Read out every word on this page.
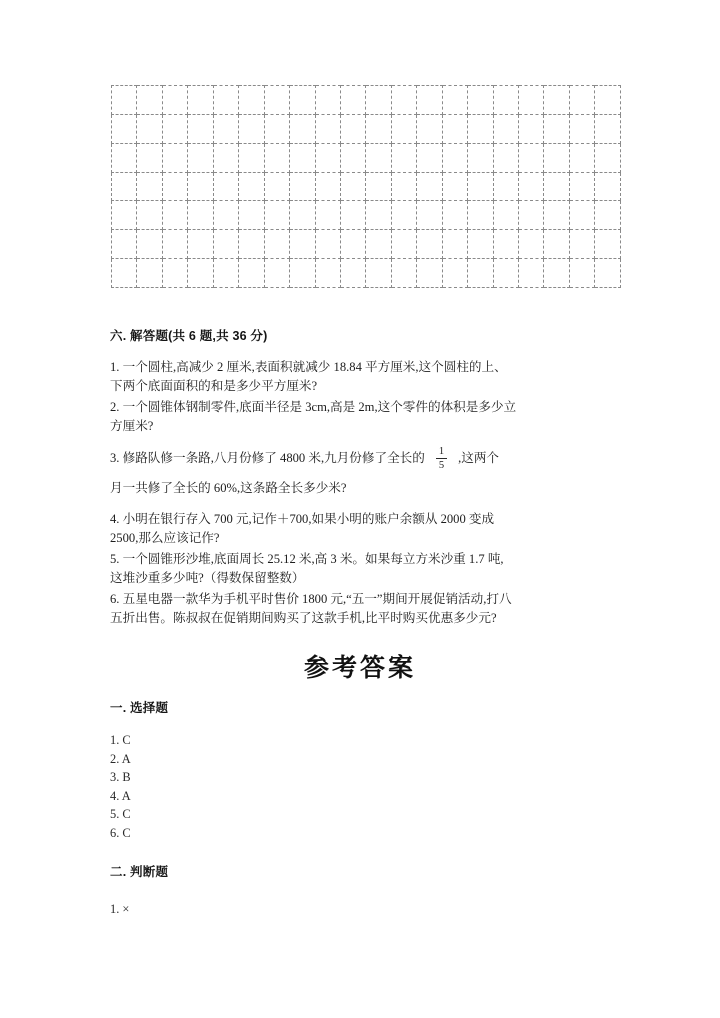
六. 解答题(共 6 题,共 36 分)

1. 一个圆柱,高减少 2 厘米,表面积就减少 18.84 平方厘米,这个圆柱的上、
下两个底面面积的和是多少平方厘米?

2. 一个圆锥体钢制零件,底面半径是 3cm,高是 2m,这个零件的体积是多少立
方厘米?

3. 修路队修一条路,八月份修了 4800 米,九月份修了全长的 $\frac{1}{5}$ ,这两个
月一共修了全长的 60%,这条路全长多少米?

4. 小明在银行存入 700 元,记作＋700,如果小明的账户余额从 2000 变成
2500,那么应该记作?

5. 一个圆锥形沙堆,底面周长 25.12 米,高 3 米。如果每立方米沙重 1.7 吨,
这堆沙重多少吨?（得数保留整数）

6. 五星电器一款华为手机平时售价 1800 元,“五一”期间开展促销活动,打八
五折出售。陈叔叔在促销期间购买了这款手机,比平时购买优惠多少元?

参考答案
一. 选择题
1. C
2. A
3. B
4. A
5. C
6. C
二. 判断题
1. ×
